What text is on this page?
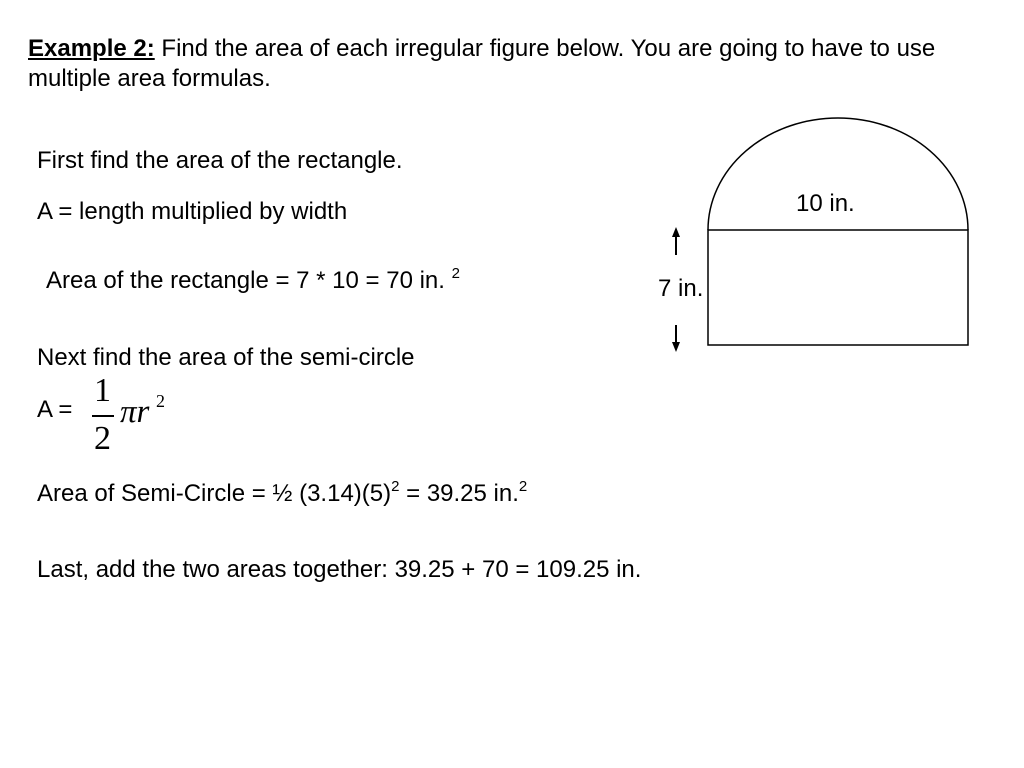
Example 2: Find the area of each irregular figure below. You are going to have to use multiple area formulas.
First find the area of the rectangle.
A = length multiplied by width
Area of the rectangle = 7 * 10 = 70 in. $^2$
Next find the area of the semi-circle
A =
1
2
πr 2
Area of Semi-Circle = ½ $(3.14)(5)^2 = 39.25$ in.$^2$
Last, add the two areas together: 39.25 + 70 = 109.25 in.
10 in.
7 in.
